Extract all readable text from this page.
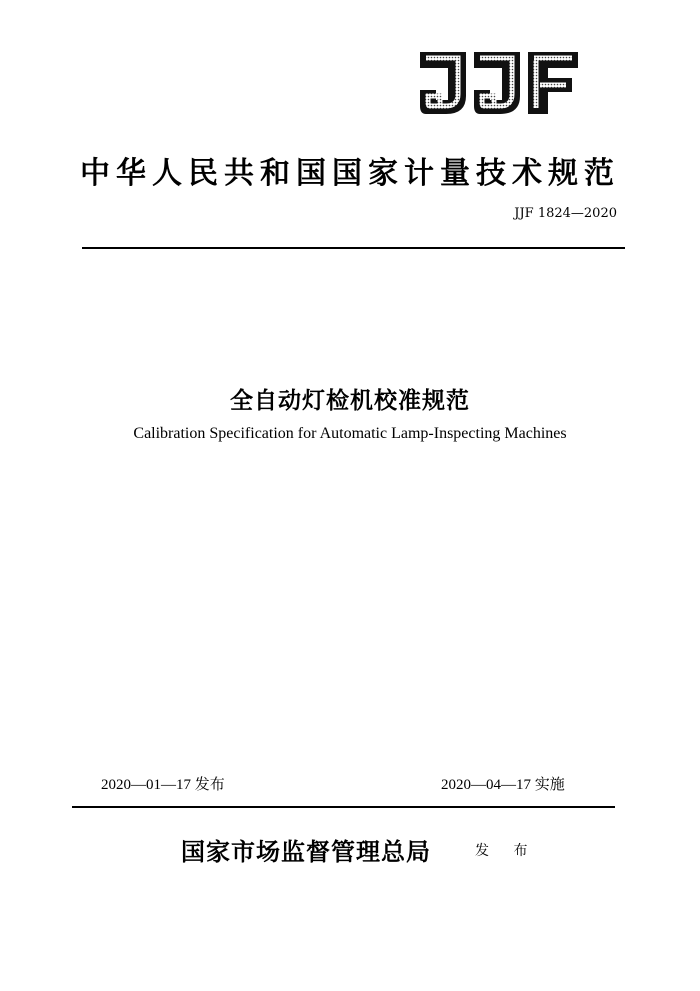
中华人民共和国国家计量技术规范
JJF 1824—2020
全自动灯检机校准规范
Calibration Specification for Automatic Lamp-Inspecting Machines
2020—01—17 发布	2020—04—17 实施
国家市场监督管理总局	发 布
